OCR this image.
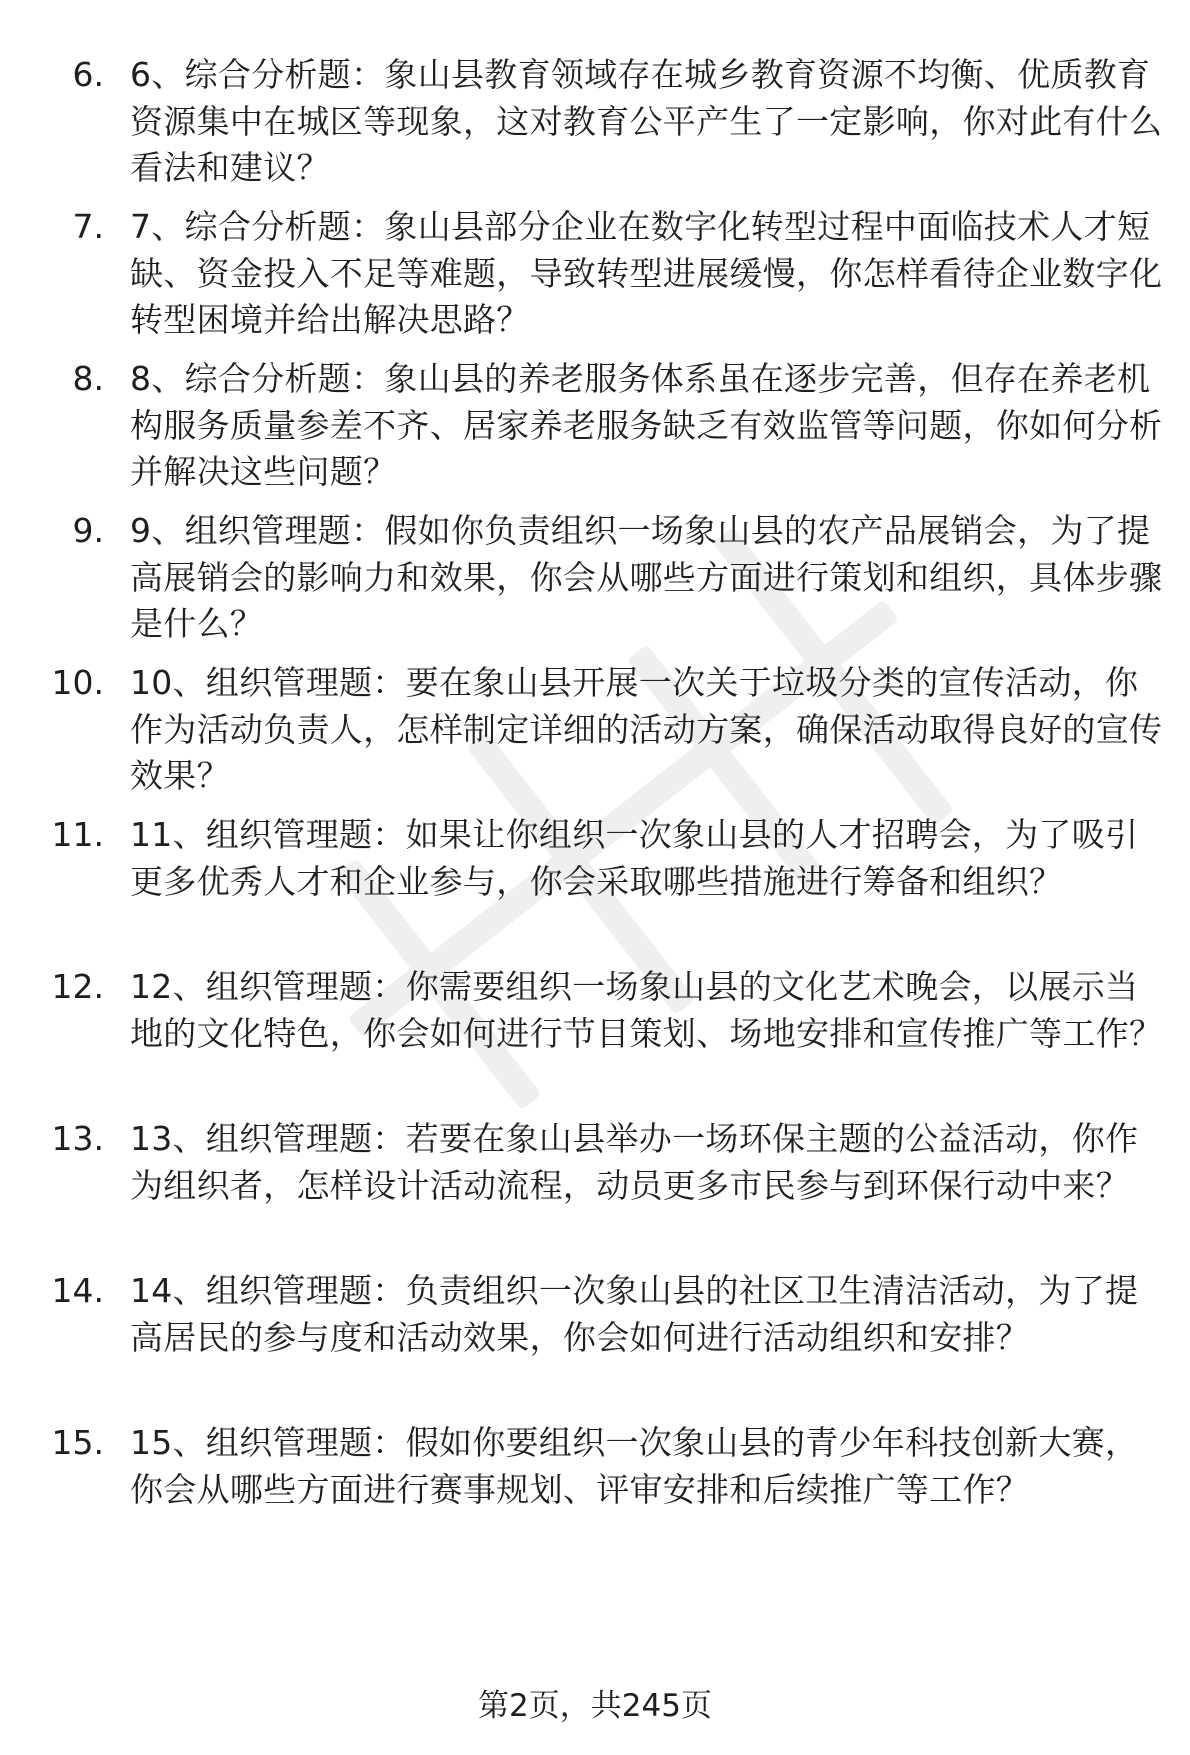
6. 6、综合分析题：象山县教育领域存在城乡教育资源不均衡、优质教育资源集中在城区等现象，这对教育公平产生了一定影响，你对此有什么看法和建议？
7. 7、综合分析题：象山县部分企业在数字化转型过程中面临技术人才短缺、资金投入不足等难题，导致转型进展缓慢，你怎样看待企业数字化转型困境并给出解决思路？
8. 8、综合分析题：象山县的养老服务体系虽在逐步完善，但存在养老机构服务质量参差不齐、居家养老服务缺乏有效监管等问题，你如何分析并解决这些问题？
9. 9、组织管理题：假如你负责组织一场象山县的农产品展销会，为了提高展销会的影响力和效果，你会从哪些方面进行策划和组织，具体步骤是什么？
10. 10、组织管理题：要在象山县开展一次关于垃圾分类的宣传活动，你作为活动负责人，怎样制定详细的活动方案，确保活动取得良好的宣传效果？
11. 11、组织管理题：如果让你组织一次象山县的人才招聘会，为了吸引更多优秀人才和企业参与，你会采取哪些措施进行筹备和组织？
12. 12、组织管理题：你需要组织一场象山县的文化艺术晚会，以展示当地的文化特色，你会如何进行节目策划、场地安排和宣传推广等工作？
13. 13、组织管理题：若要在象山县举办一场环保主题的公益活动，你作为组织者，怎样设计活动流程，动员更多市民参与到环保行动中来？
14. 14、组织管理题：负责组织一次象山县的社区卫生清洁活动，为了提高居民的参与度和活动效果，你会如何进行活动组织和安排？
15. 15、组织管理题：假如你要组织一次象山县的青少年科技创新大赛，你会从哪些方面进行赛事规划、评审安排和后续推广等工作？
第2页，共245页
